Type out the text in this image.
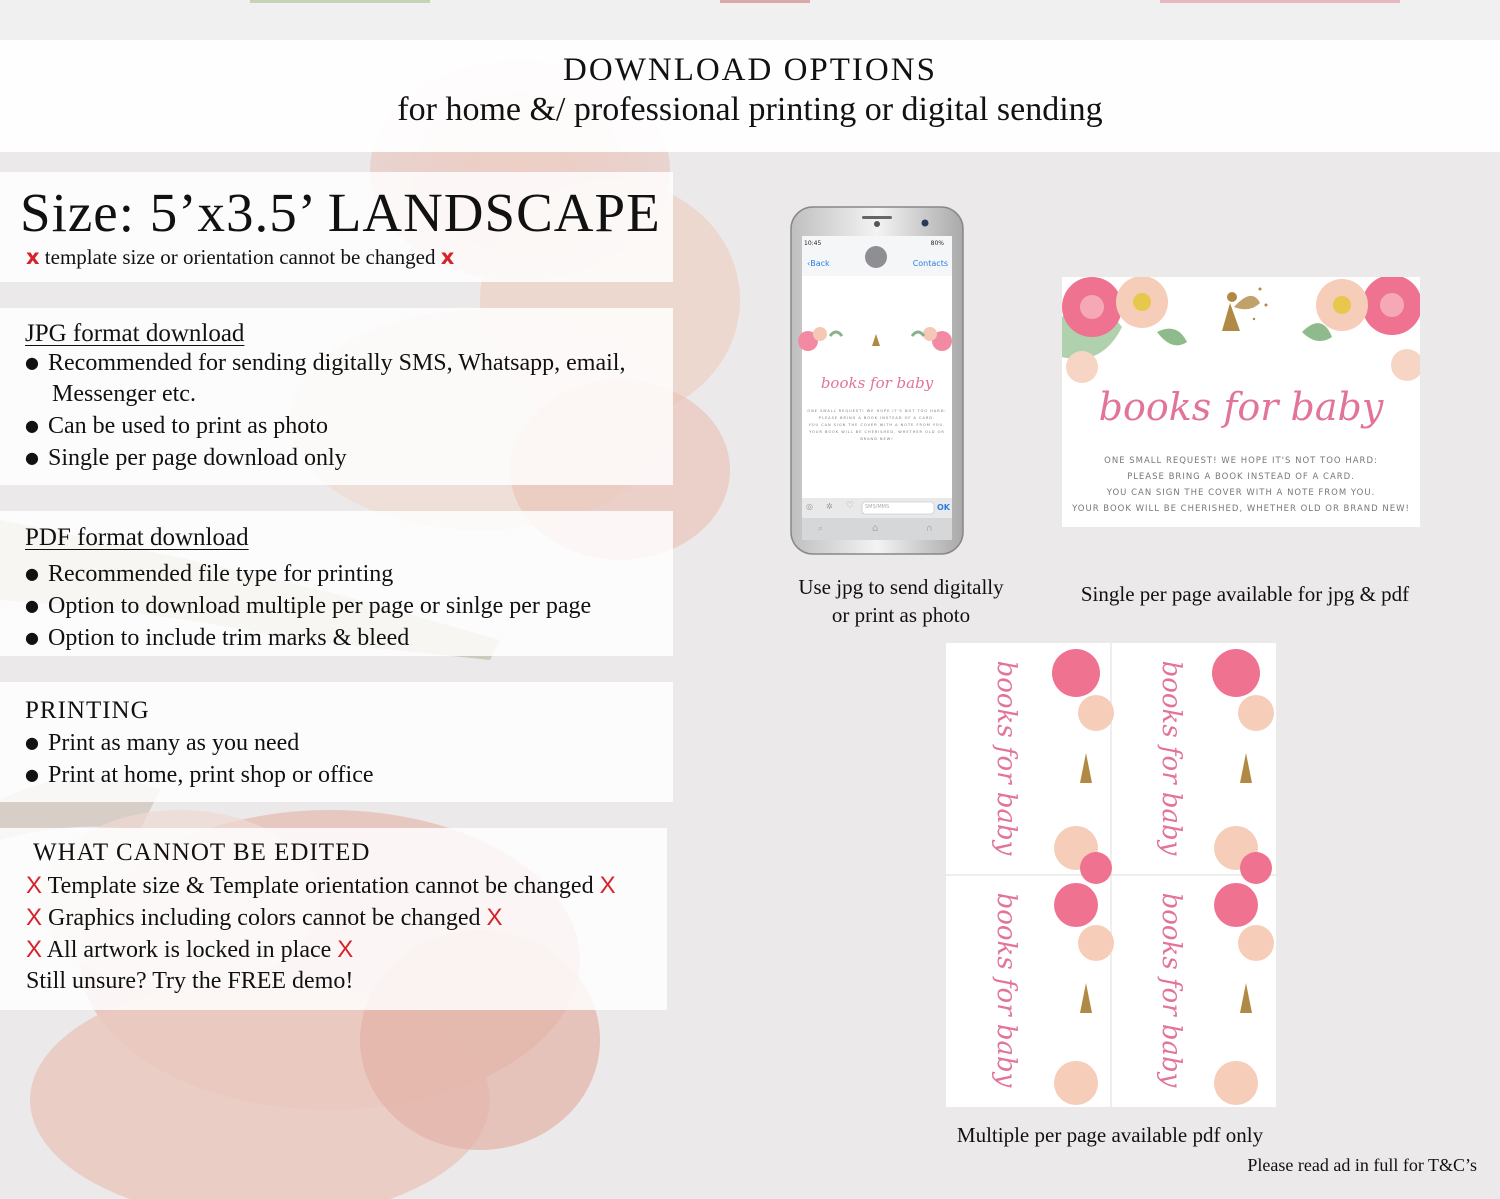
DOWNLOAD OPTIONS
for home &/ professional printing or digital sending
Size: 5’x3.5’ LANDSCAPE
x template size or orientation cannot be changed x
JPG format download
● Recommended for sending digitally SMS, Whatsapp, email,
Messenger etc.
● Can be used to print as photo
● Single per page download only
PDF format download
● Recommended file type for printing
● Option to download multiple per page or sinlge per page
● Option to include trim marks & bleed
PRINTING
● Print as many as you need
● Print at home, print shop or office
WHAT CANNOT BE EDITED
X Template size & Template orientation cannot be changed X
X Graphics including colors cannot be changed X
X All artwork is locked in place X
Still unsure? Try the FREE demo!
10:45	80%
‹Back	Contacts
books for baby
ONE SMALL REQUEST! WE HOPE IT'S NOT TOO HARD:
PLEASE BRING A BOOK INSTEAD OF A CARD.
YOU CAN SIGN THE COVER WITH A NOTE FROM YOU.
YOUR BOOK WILL BE CHERISHED, WHETHER OLD OR BRAND NEW!
◎ ✲ ♡ SMS/MMS	OK
⌕	⌂	∩
Use jpg to send digitally
or print as photo
books for baby
ONE SMALL REQUEST! WE HOPE IT'S NOT TOO HARD:
PLEASE BRING A BOOK INSTEAD OF A CARD.
YOU CAN SIGN THE COVER WITH A NOTE FROM YOU.
YOUR BOOK WILL BE CHERISHED, WHETHER OLD OR BRAND NEW!
Single per page available for jpg & pdf
books for baby	books for baby
books for baby	books for baby
Multiple per page available pdf only
Please read ad in full for T&C’s
